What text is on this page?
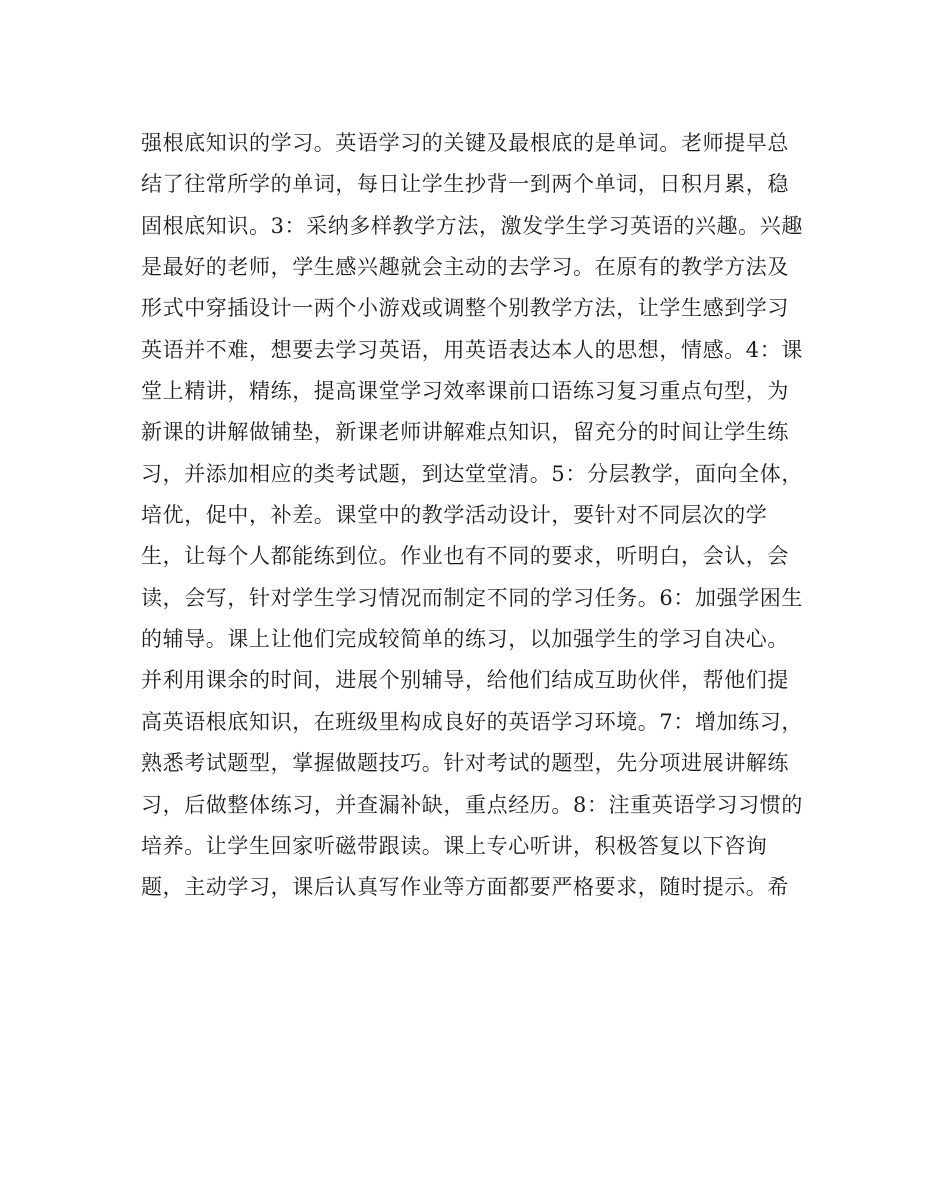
强根底知识的学习。英语学习的关键及最根底的是单词。老师提早总
结了往常所学的单词，每日让学生抄背一到两个单词，日积月累，稳
固根底知识。3：采纳多样教学方法，激发学生学习英语的兴趣。兴趣
是最好的老师，学生感兴趣就会主动的去学习。在原有的教学方法及
形式中穿插设计一两个小游戏或调整个别教学方法，让学生感到学习
英语并不难，想要去学习英语，用英语表达本人的思想，情感。4：课
堂上精讲，精练，提高课堂学习效率课前口语练习复习重点句型，为
新课的讲解做铺垫，新课老师讲解难点知识，留充分的时间让学生练
习，并添加相应的类考试题，到达堂堂清。5：分层教学，面向全体，
培优，促中，补差。课堂中的教学活动设计，要针对不同层次的学
生，让每个人都能练到位。作业也有不同的要求，听明白，会认，会
读，会写，针对学生学习情况而制定不同的学习任务。6：加强学困生
的辅导。课上让他们完成较简单的练习，以加强学生的学习自决心。
并利用课余的时间，进展个别辅导，给他们结成互助伙伴，帮他们提
高英语根底知识，在班级里构成良好的英语学习环境。7：增加练习，
熟悉考试题型，掌握做题技巧。针对考试的题型，先分项进展讲解练
习，后做整体练习，并查漏补缺，重点经历。8：注重英语学习习惯的
培养。让学生回家听磁带跟读。课上专心听讲，积极答复以下咨询
题，主动学习，课后认真写作业等方面都要严格要求，随时提示。希
